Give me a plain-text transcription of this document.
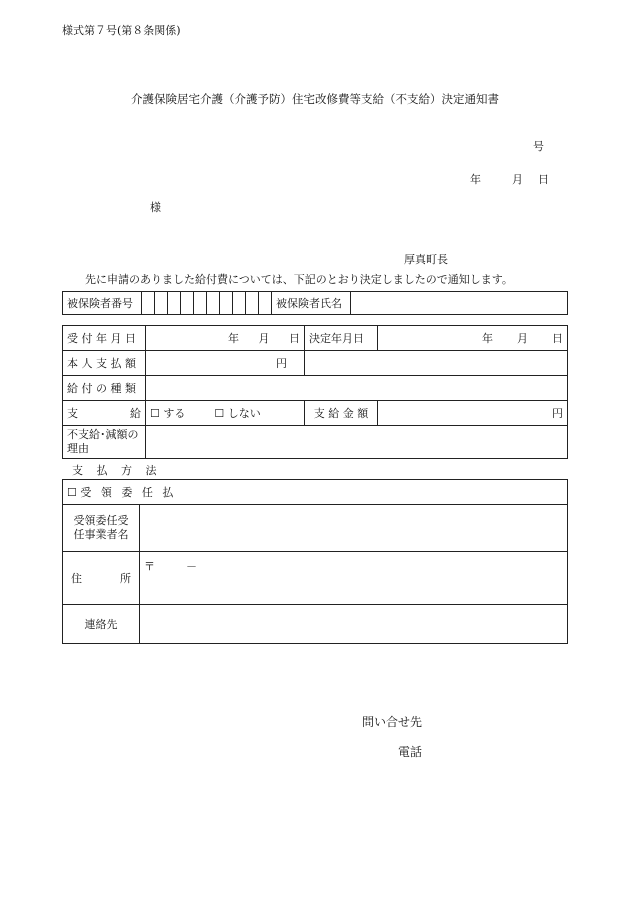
様式第７号(第８条関係)
介護保険居宅介護（介護予防）住宅改修費等支給（不支給）決定通知書
号
年	月 日
様
厚真町長
先に申請のありました給付費については、下記のとおり決定しましたので通知します。
被保険者番号											被保険者氏名	
受 付 年 月 日	年 月 日	決定年月日	年 月 日

本 人 支 払 額	円		
給 付 の 種 類			

支 給	☐ する ☐ しない	支 給 金 額	円
不支給･減額の理由			
支 払 方 法
☐ 受 領 委 任 払	
受領委任受任事業者名	

住 所	〒 －
連絡先	
問い合せ先
電話
